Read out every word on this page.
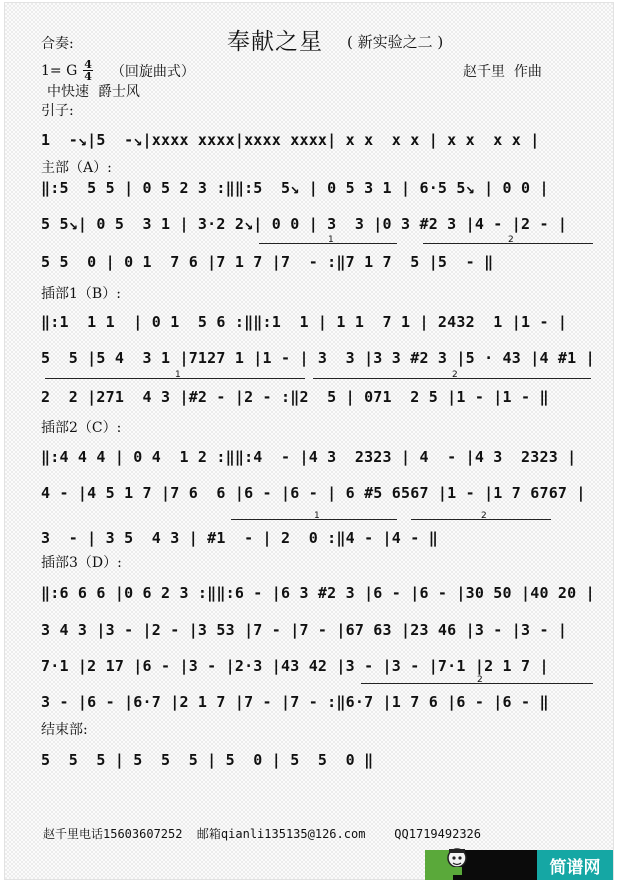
合奏:	奉献之星 ( 新实验之二 )
1= G $\frac{4}{4}$ （回旋曲式）	赵千里  作曲
中快速  爵士风
引子:
主部（A）:
插部1（B）:
插部2（C）:
插部3（D）:
结束部:
1  -↘|5  -↘|xxxx xxxx|xxxx xxxx| x x  x x | x x  x x |
‖:5  5 5 | 0 5 2 3 :‖‖:5  5↘ | 0 5 3 1 | 6·5 5↘ | 0 0 |
5 5↘| 0 5  3 1 | 3·2 2↘| 0 0 | 3  3 |0 3 #2 3 |4 - |2 - |
5 5  0 | 0 1  7 6 |7 1 7 |7  - :‖7 1 7  5 |5  - ‖
‖:1  1 1  | 0 1  5 6 :‖‖:1  1 | 1 1  7 1 | 2432  1 |1 - |
5  5 |5 4  3 1 |7127 1 |1 - | 3  3 |3 3 #2 3 |5 · 43 |4 #1 |
2  2 |271  4 3 |#2 - |2 - :‖2  5 | 071  2 5 |1 - |1 - ‖
‖:4 4 4 | 0 4  1 2 :‖‖:4  - |4 3  2323 | 4  - |4 3  2323 |
4 - |4 5 1 7 |7 6  6 |6 - |6 - | 6 #5 6567 |1 - |1 7 6767 |
3  - | 3 5  4 3 | #1  - | 2  0 :‖4 - |4 - ‖
‖:6 6 6 |0 6 2 3 :‖‖:6 - |6 3 #2 3 |6 - |6 - |30 50 |40 20 |
3 4 3 |3 - |2 - |3 53 |7 - |7 - |67 63 |23 46 |3 - |3 - |
7·1 |2 17 |6 - |3 - |2·3 |43 42 |3 - |3 - |7·1 |2 1 7 |
3 - |6 - |6·7 |2 1 7 |7 - |7 - :‖6·7 |1 7 6 |6 - |6 - ‖
5  5  5 | 5  5  5 | 5  0 | 5  5  0 ‖
1	2
1	2
1	2
2
赵千里电话15603607252  邮箱qianli135135@126.com    QQ1719492326
简谱网
